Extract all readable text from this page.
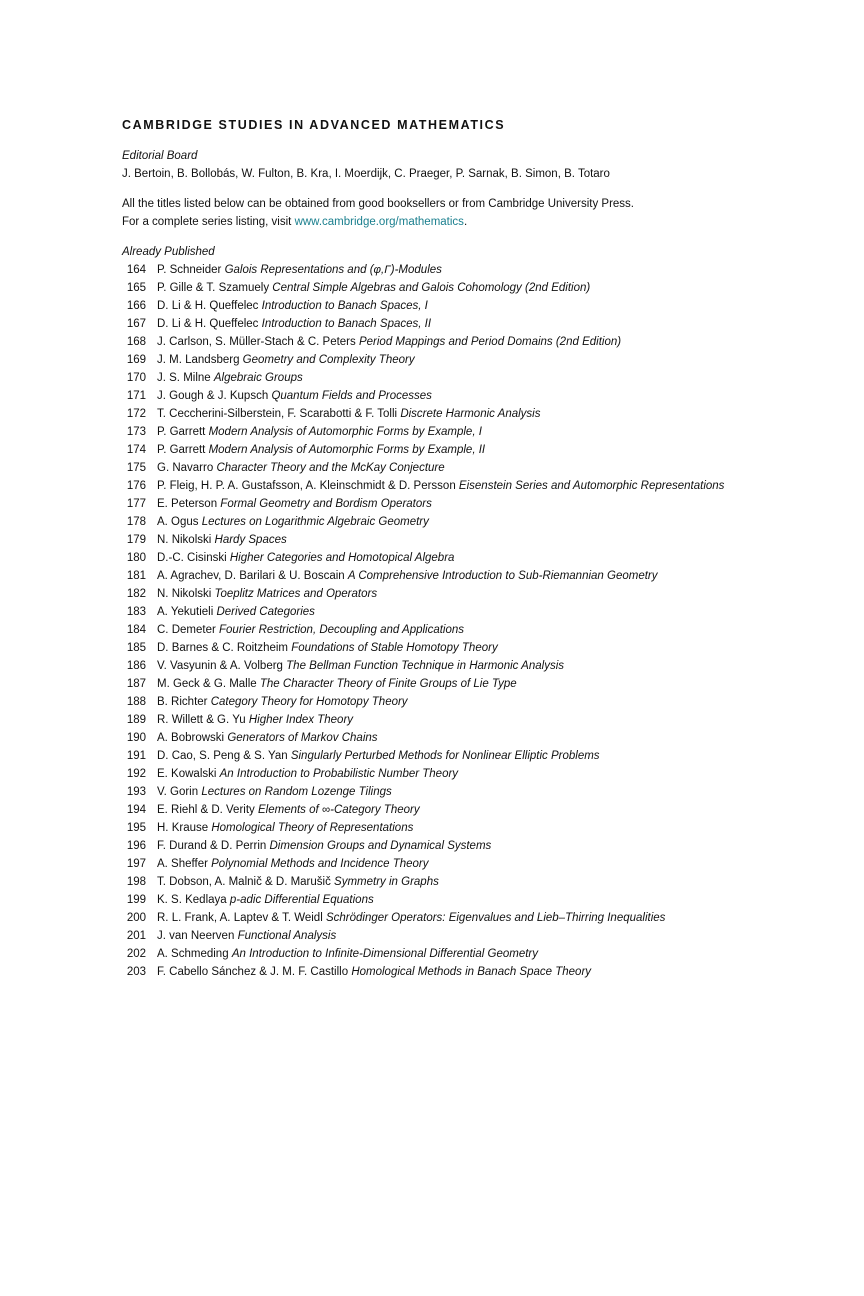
CAMBRIDGE STUDIES IN ADVANCED MATHEMATICS
Editorial Board
J. Bertoin, B. Bollobás, W. Fulton, B. Kra, I. Moerdijk, C. Praeger, P. Sarnak, B. Simon, B. Totaro
All the titles listed below can be obtained from good booksellers or from Cambridge University Press.
For a complete series listing, visit www.cambridge.org/mathematics.
Already Published
164 P. Schneider Galois Representations and (φ,Γ)-Modules
165 P. Gille & T. Szamuely Central Simple Algebras and Galois Cohomology (2nd Edition)
166 D. Li & H. Queffelec Introduction to Banach Spaces, I
167 D. Li & H. Queffelec Introduction to Banach Spaces, II
168 J. Carlson, S. Müller-Stach & C. Peters Period Mappings and Period Domains (2nd Edition)
169 J. M. Landsberg Geometry and Complexity Theory
170 J. S. Milne Algebraic Groups
171 J. Gough & J. Kupsch Quantum Fields and Processes
172 T. Ceccherini-Silberstein, F. Scarabotti & F. Tolli Discrete Harmonic Analysis
173 P. Garrett Modern Analysis of Automorphic Forms by Example, I
174 P. Garrett Modern Analysis of Automorphic Forms by Example, II
175 G. Navarro Character Theory and the McKay Conjecture
176 P. Fleig, H. P. A. Gustafsson, A. Kleinschmidt & D. Persson Eisenstein Series and Automorphic Representations
177 E. Peterson Formal Geometry and Bordism Operators
178 A. Ogus Lectures on Logarithmic Algebraic Geometry
179 N. Nikolski Hardy Spaces
180 D.-C. Cisinski Higher Categories and Homotopical Algebra
181 A. Agrachev, D. Barilari & U. Boscain A Comprehensive Introduction to Sub-Riemannian Geometry
182 N. Nikolski Toeplitz Matrices and Operators
183 A. Yekutieli Derived Categories
184 C. Demeter Fourier Restriction, Decoupling and Applications
185 D. Barnes & C. Roitzheim Foundations of Stable Homotopy Theory
186 V. Vasyunin & A. Volberg The Bellman Function Technique in Harmonic Analysis
187 M. Geck & G. Malle The Character Theory of Finite Groups of Lie Type
188 B. Richter Category Theory for Homotopy Theory
189 R. Willett & G. Yu Higher Index Theory
190 A. Bobrowski Generators of Markov Chains
191 D. Cao, S. Peng & S. Yan Singularly Perturbed Methods for Nonlinear Elliptic Problems
192 E. Kowalski An Introduction to Probabilistic Number Theory
193 V. Gorin Lectures on Random Lozenge Tilings
194 E. Riehl & D. Verity Elements of ∞-Category Theory
195 H. Krause Homological Theory of Representations
196 F. Durand & D. Perrin Dimension Groups and Dynamical Systems
197 A. Sheffer Polynomial Methods and Incidence Theory
198 T. Dobson, A. Malnič & D. Marušič Symmetry in Graphs
199 K. S. Kedlaya p-adic Differential Equations
200 R. L. Frank, A. Laptev & T. Weidl Schrödinger Operators: Eigenvalues and Lieb–Thirring Inequalities
201 J. van Neerven Functional Analysis
202 A. Schmeding An Introduction to Infinite-Dimensional Differential Geometry
203 F. Cabello Sánchez & J. M. F. Castillo Homological Methods in Banach Space Theory
